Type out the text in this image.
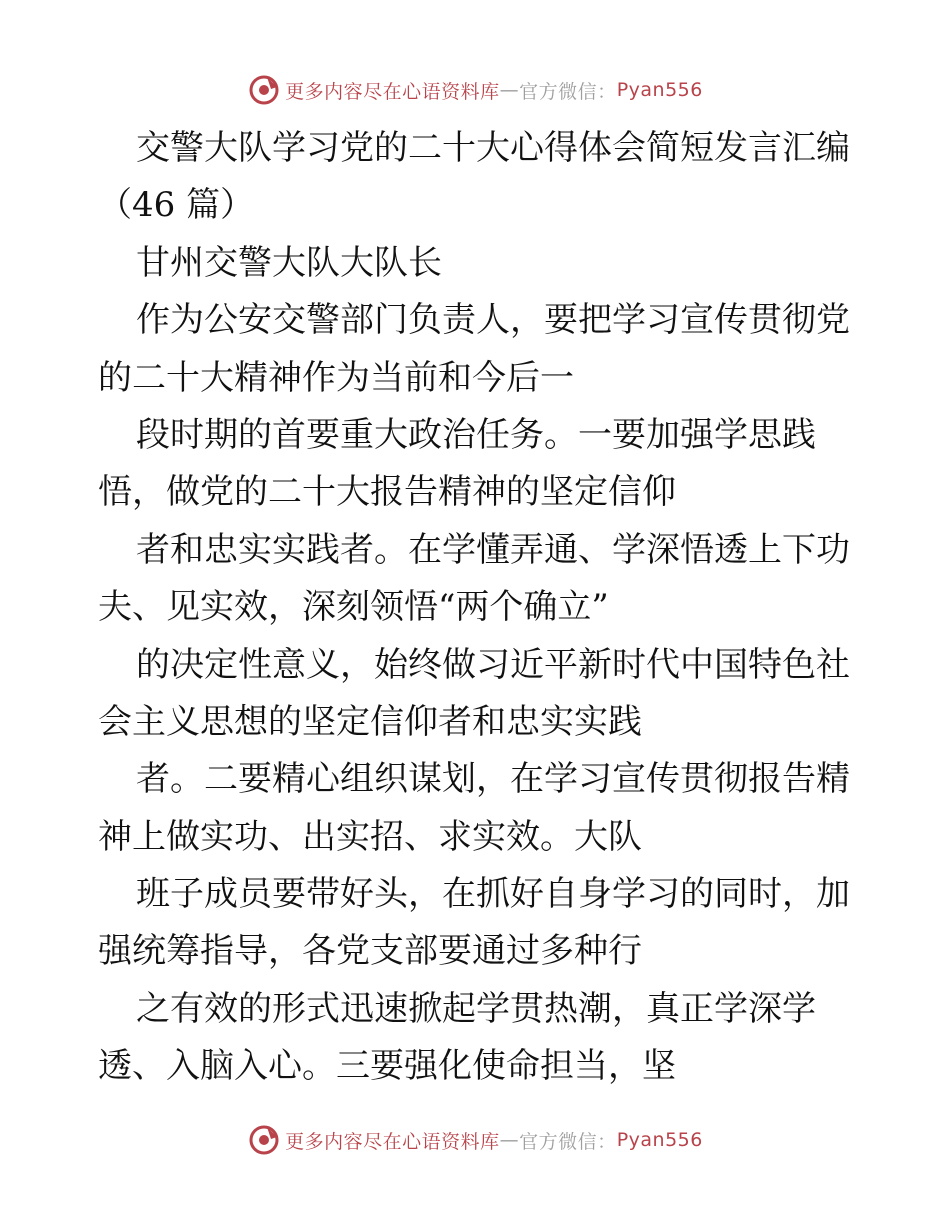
更多内容尽在心语资料库 — 官方微信： Pyan556
交警大队学习党的二十大心得体会简短发言汇编
（46 篇）
甘州交警大队大队长
作为公安交警部门负责人，要把学习宣传贯彻党
的二十大精神作为当前和今后一
段时期的首要重大政治任务。一要加强学思践
悟，做党的二十大报告精神的坚定信仰
者和忠实实践者。在学懂弄通、学深悟透上下功
夫、见实效，深刻领悟“两个确立”
的决定性意义，始终做习近平新时代中国特色社
会主义思想的坚定信仰者和忠实实践
者。二要精心组织谋划，在学习宣传贯彻报告精
神上做实功、出实招、求实效。大队
班子成员要带好头，在抓好自身学习的同时，加
强统筹指导，各党支部要通过多种行
之有效的形式迅速掀起学贯热潮，真正学深学
透、入脑入心。三要强化使命担当，坚
更多内容尽在心语资料库 — 官方微信： Pyan556
